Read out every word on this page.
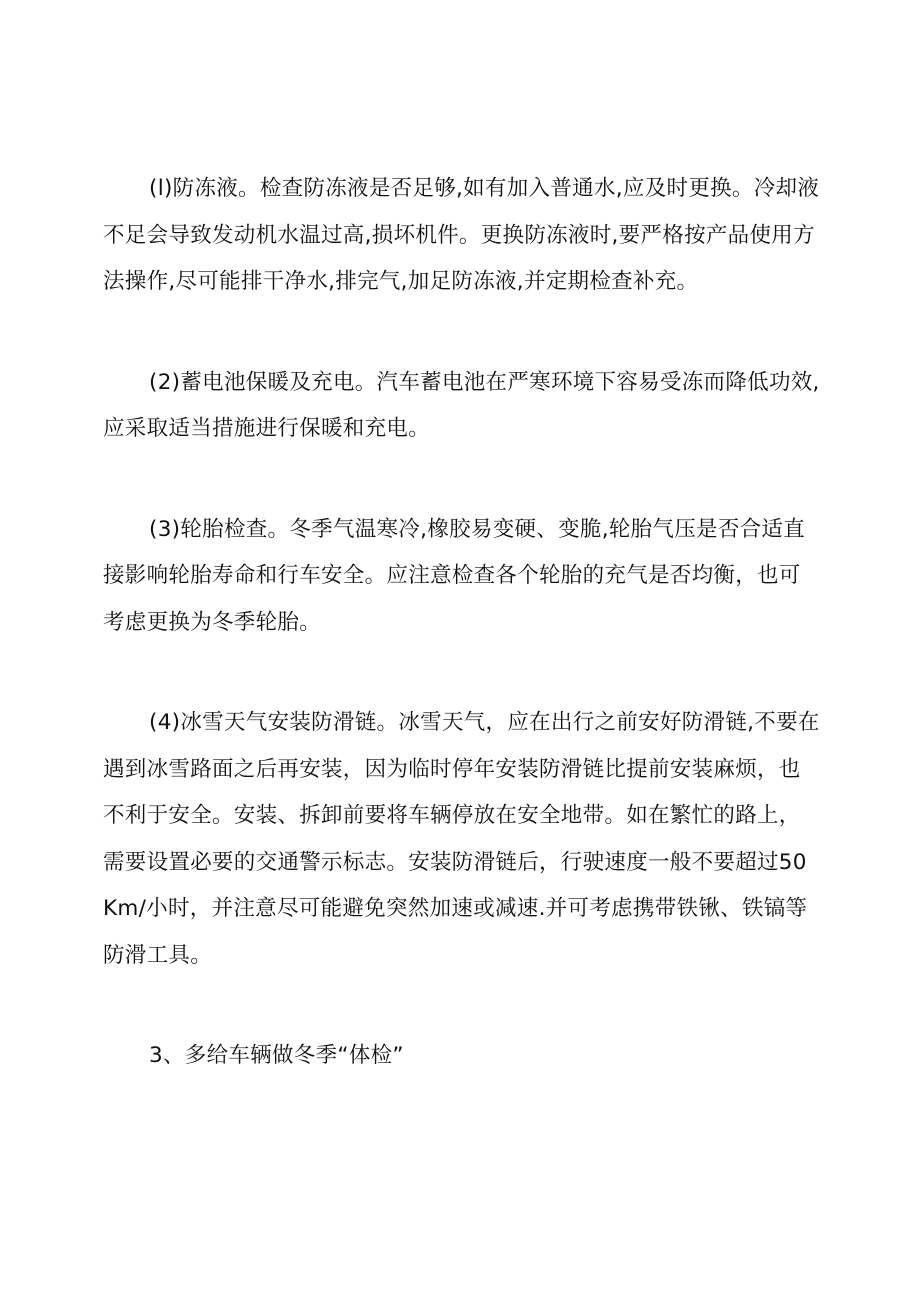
(l)防冻液。检查防冻液是否足够,如有加入普通水,应及时更换。冷却液不足会导致发动机水温过高,损坏机件。更换防冻液时,要严格按产品使用方法操作,尽可能排干净水,排完气,加足防冻液,并定期检查补充。

(2)蓄电池保暖及充电。汽车蓄电池在严寒环境下容易受冻而降低功效,应采取适当措施进行保暖和充电。

(3)轮胎检查。冬季气温寒冷,橡胶易变硬、变脆,轮胎气压是否合适直接影响轮胎寿命和行车安全。应注意检查各个轮胎的充气是否均衡，也可考虑更换为冬季轮胎。

(4)冰雪天气安装防滑链。冰雪天气，应在出行之前安好防滑链,不要在遇到冰雪路面之后再安装，因为临时停年安装防滑链比提前安装麻烦，也不利于安全。安装、拆卸前要将车辆停放在安全地带。如在繁忙的路上，需要设置必要的交通警示标志。安装防滑链后，行驶速度一般不要超过50Km/小时，并注意尽可能避免突然加速或减速.并可考虑携带铁锹、铁镐等防滑工具。

3、多给车辆做冬季“体检”
